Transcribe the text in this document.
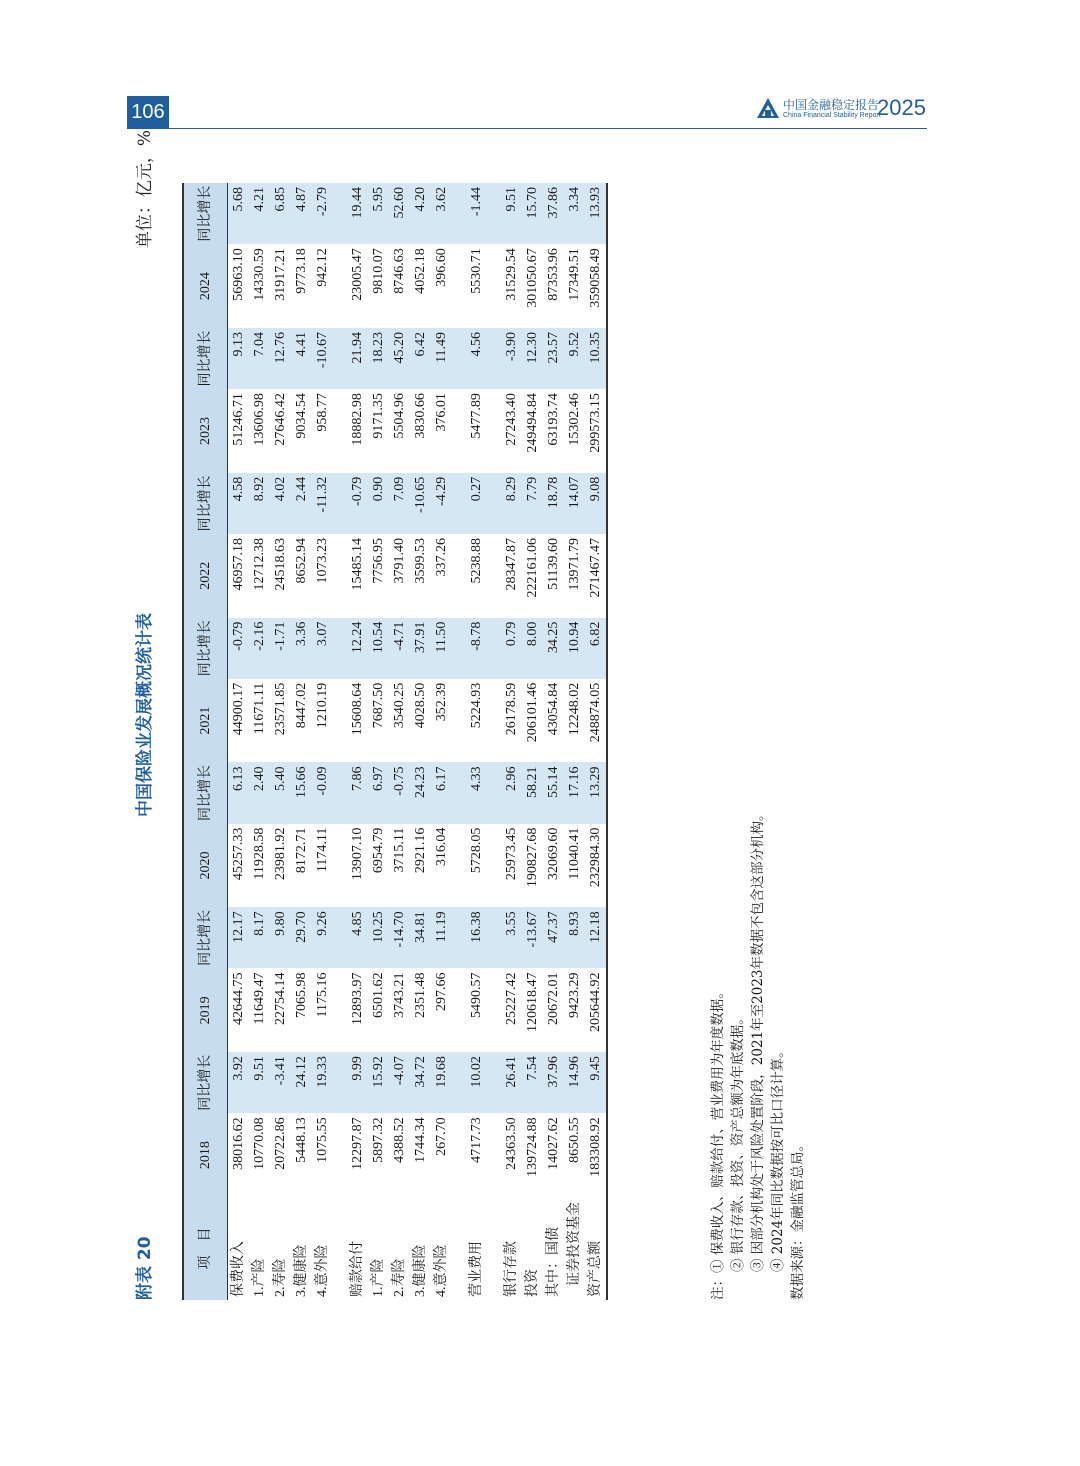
106	中国金融稳定报告
China Financial Stability Report
2025
附表 20
中国保险业发展概况统计表
单位：亿元，%
项　目	2018	同比增长	2019	同比增长	2020	同比增长	2021	同比增长	2022	同比增长	2023	同比增长	2024	同比增长
保费收入	38016.62	3.92	42644.75	12.17	45257.33	6.13	44900.17	-0.79	46957.18	4.58	51246.71	9.13	56963.10	5.68
1.产险	10770.08	9.51	11649.47	8.17	11928.58	2.40	11671.11	-2.16	12712.38	8.92	13606.98	7.04	14330.59	4.21
2.寿险	20722.86	-3.41	22754.14	9.80	23981.92	5.40	23571.85	-1.71	24518.63	4.02	27646.42	12.76	31917.21	6.85
3.健康险	5448.13	24.12	7065.98	29.70	8172.71	15.66	8447.02	3.36	8652.94	2.44	9034.54	4.41	9773.18	4.87
4.意外险	1075.55	19.33	1175.16	9.26	1174.11	-0.09	1210.19	3.07	1073.23	-11.32	958.77	-10.67	942.12	-2.79

赔款给付	12297.87	9.99	12893.97	4.85	13907.10	7.86	15608.64	12.24	15485.14	-0.79	18882.98	21.94	23005.47	19.44
1.产险	5897.32	15.92	6501.62	10.25	6954.79	6.97	7687.50	10.54	7756.95	0.90	9171.35	18.23	9810.07	5.95
2.寿险	4388.52	-4.07	3743.21	-14.70	3715.11	-0.75	3540.25	-4.71	3791.40	7.09	5504.96	45.20	8746.63	52.60
3.健康险	1744.34	34.72	2351.48	34.81	2921.16	24.23	4028.50	37.91	3599.53	-10.65	3830.66	6.42	4052.18	4.20
4.意外险	267.70	19.68	297.66	11.19	316.04	6.17	352.39	11.50	337.26	-4.29	376.01	11.49	396.60	3.62

营业费用	4717.73	10.02	5490.57	16.38	5728.05	4.33	5224.93	-8.78	5238.88	0.27	5477.89	4.56	5530.71	-1.44

银行存款	24363.50	26.41	25227.42	3.55	25973.45	2.96	26178.59	0.79	28347.87	8.29	27243.40	-3.90	31529.54	9.51
投资	139724.88	7.54	120618.47	-13.67	190827.68	58.21	206101.46	8.00	222161.06	7.79	249494.84	12.30	301050.67	15.70
其中：国债	14027.62	37.96	20672.01	47.37	32069.60	55.14	43054.84	34.25	51139.60	18.78	63193.74	23.57	87353.96	37.86
证券投资基金	8650.55	14.96	9423.29	8.93	11040.41	17.16	12248.02	10.94	13971.79	14.07	15302.46	9.52	17349.51	3.34
资产总额	183308.92	9.45	205644.92	12.18	232984.30	13.29	248874.05	6.82	271467.47	9.08	299573.15	10.35	359058.49	13.93
注：① 保费收入、赔款给付、营业费用为年度数据。 ② 银行存款、投资、资产总额为年底数据。 ③ 因部分机构处于风险处置阶段，2021年至2023年数据不包含这部分机构。 ④ 2024年同比数据按可比口径计算。 数据来源：金融监管总局。
